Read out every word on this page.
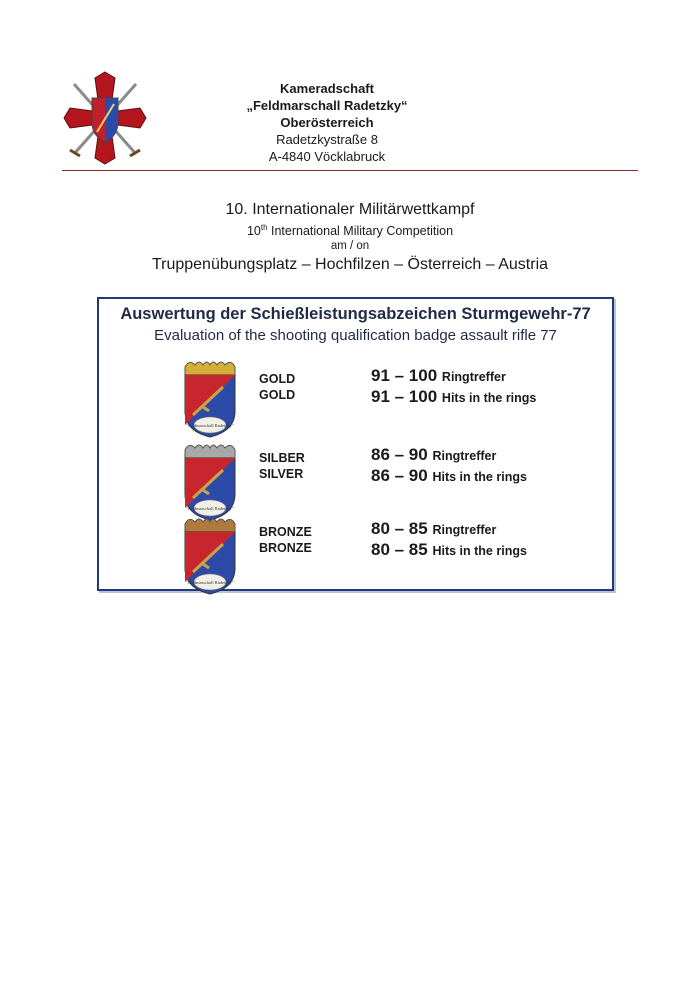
Kameradschaft
„Feldmarschall Radetzky“
Oberösterreich
Radetzkystraße 8
A-4840 Vöcklabruck
10. Internationaler Militärwettkampf
10th International Military Competition
am / on
Truppenübungsplatz – Hochfilzen – Österreich – Austria
Auswertung der Schießleistungsabzeichen Sturmgewehr-77
Evaluation of the shooting qualification badge assault rifle 77
"Feldmarschall Radetzky"
GOLD
GOLD
91 – 100 Ringtreffer
91 – 100 Hits in the rings
"Feldmarschall Radetzky"
SILBER
SILVER
86 – 90 Ringtreffer
86 – 90 Hits in the rings
"Feldmarschall Radetzky"
BRONZE
BRONZE
80 – 85 Ringtreffer
80 – 85 Hits in the rings
